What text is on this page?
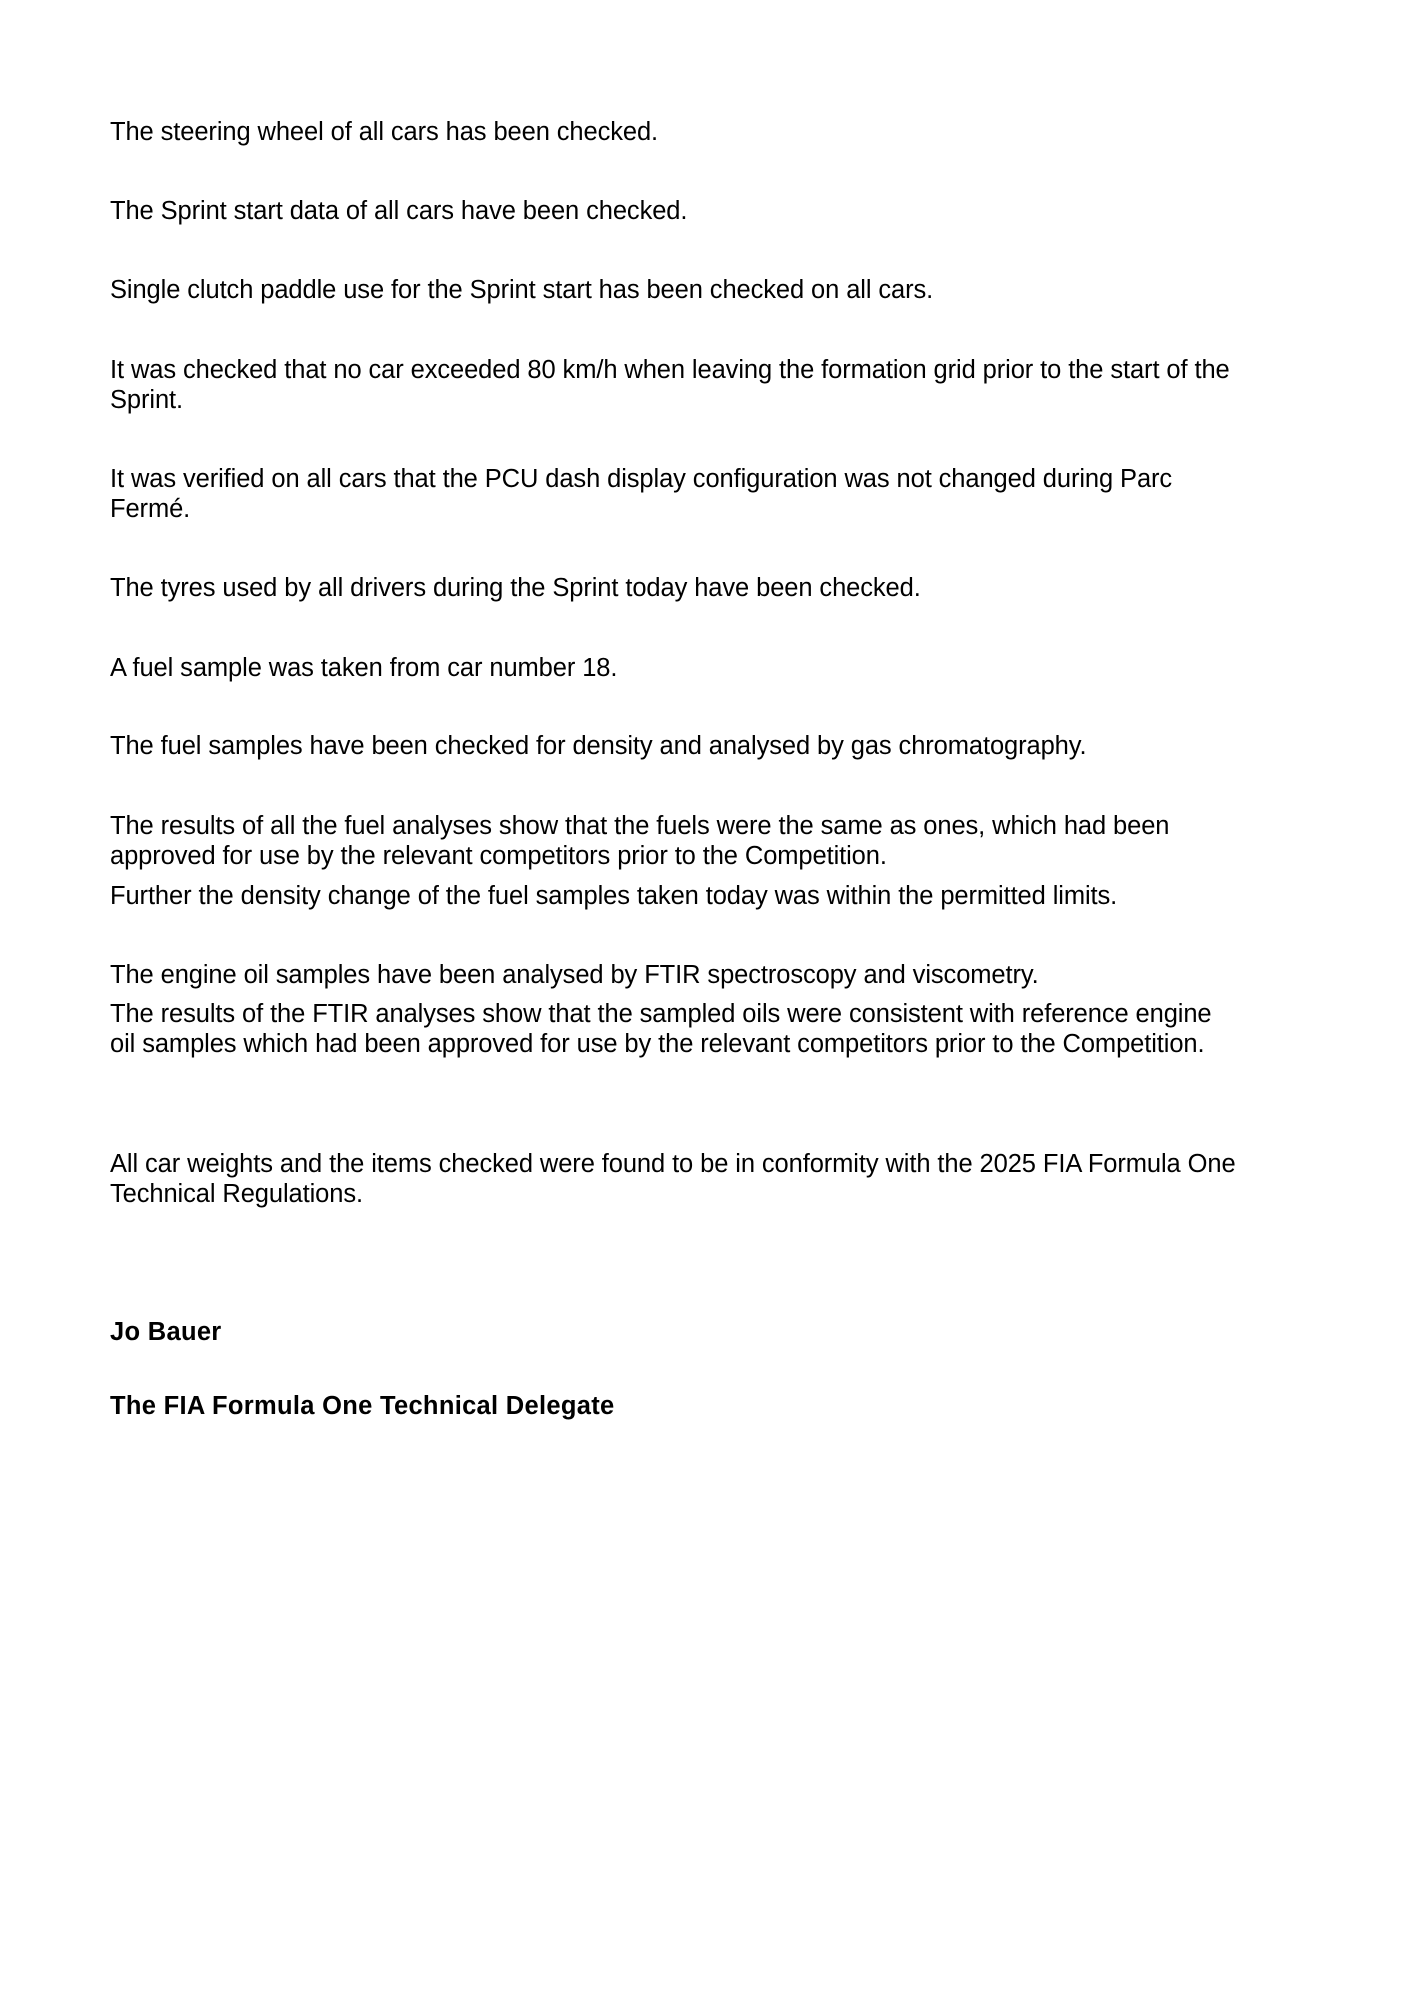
The steering wheel of all cars has been checked.
The Sprint start data of all cars have been checked.
Single clutch paddle use for the Sprint start has been checked on all cars.
It was checked that no car exceeded 80 km/h when leaving the formation grid prior to the start of the
Sprint.
It was verified on all cars that the PCU dash display configuration was not changed during Parc
Fermé.
The tyres used by all drivers during the Sprint today have been checked.
A fuel sample was taken from car number 18.
The fuel samples have been checked for density and analysed by gas chromatography.
The results of all the fuel analyses show that the fuels were the same as ones, which had been
approved for use by the relevant competitors prior to the Competition.
Further the density change of the fuel samples taken today was within the permitted limits.
The engine oil samples have been analysed by FTIR spectroscopy and viscometry.
The results of the FTIR analyses show that the sampled oils were consistent with reference engine
oil samples which had been approved for use by the relevant competitors prior to the Competition.
All car weights and the items checked were found to be in conformity with the 2025 FIA Formula One
Technical Regulations.
Jo Bauer
The FIA Formula One Technical Delegate
